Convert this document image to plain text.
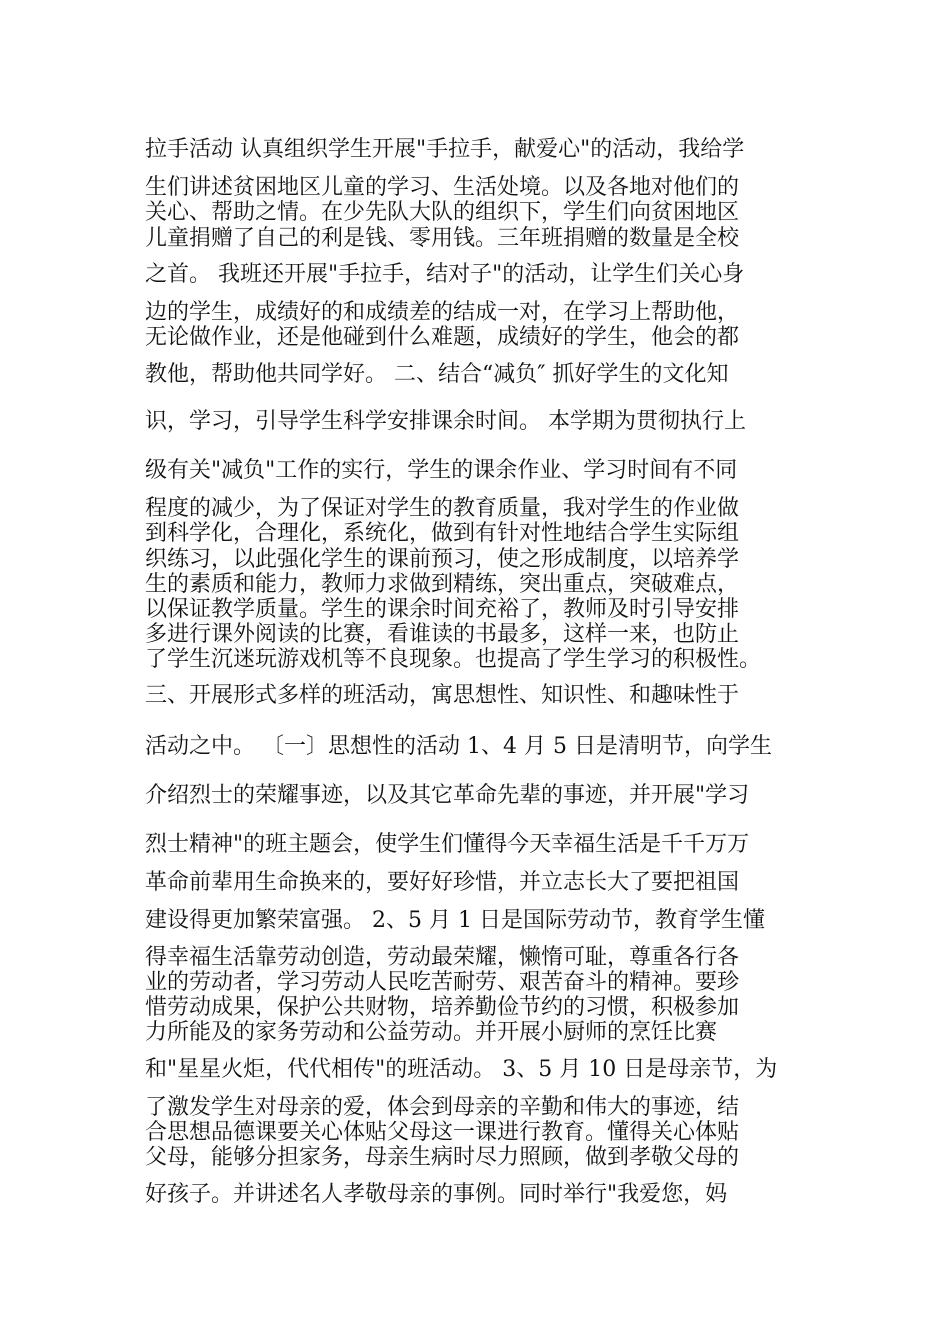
拉手活动 认真组织学生开展"手拉手，献爱心"的活动，我给学
生们讲述贫困地区儿童的学习、生活处境。以及各地对他们的
关心、帮助之情。在少先队大队的组织下，学生们向贫困地区
儿童捐赠了自己的利是钱、零用钱。三年班捐赠的数量是全校
之首。 我班还开展"手拉手，结对子"的活动，让学生们关心身
边的学生，成绩好的和成绩差的结成一对，在学习上帮助他，
无论做作业，还是他碰到什么难题，成绩好的学生，他会的都
教他，帮助他共同学好。 二、结合“减负″ 抓好学生的文化知
识，学习，引导学生科学安排课余时间。 本学期为贯彻执行上
级有关"减负"工作的实行，学生的课余作业、学习时间有不同
程度的减少，为了保证对学生的教育质量，我对学生的作业做
到科学化，合理化，系统化，做到有针对性地结合学生实际组
织练习，以此强化学生的课前预习，使之形成制度，以培养学
生的素质和能力，教师力求做到精练，突出重点，突破难点，
以保证教学质量。学生的课余时间充裕了，教师及时引导安排
多进行课外阅读的比赛，看谁读的书最多，这样一来，也防止
了学生沉迷玩游戏机等不良现象。也提高了学生学习的积极性。
三、开展形式多样的班活动，寓思想性、知识性、和趣味性于
活动之中。 〔一〕思想性的活动 1、4 月 5 日是清明节，向学生
介绍烈士的荣耀事迹，以及其它革命先辈的事迹，并开展"学习
烈士精神"的班主题会，使学生们懂得今天幸福生活是千千万万
革命前辈用生命换来的，要好好珍惜，并立志长大了要把祖国
建设得更加繁荣富强。 2、5 月 1 日是国际劳动节，教育学生懂
得幸福生活靠劳动创造，劳动最荣耀，懒惰可耻，尊重各行各
业的劳动者，学习劳动人民吃苦耐劳、艰苦奋斗的精神。要珍
惜劳动成果，保护公共财物，培养勤俭节约的习惯，积极参加
力所能及的家务劳动和公益劳动。并开展小厨师的烹饪比赛
和"星星火炬，代代相传"的班活动。 3、5 月 10 日是母亲节，为
了激发学生对母亲的爱，体会到母亲的辛勤和伟大的事迹，结
合思想品德课要关心体贴父母这一课进行教育。懂得关心体贴
父母，能够分担家务，母亲生病时尽力照顾，做到孝敬父母的
好孩子。并讲述名人孝敬母亲的事例。同时举行"我爱您，妈
